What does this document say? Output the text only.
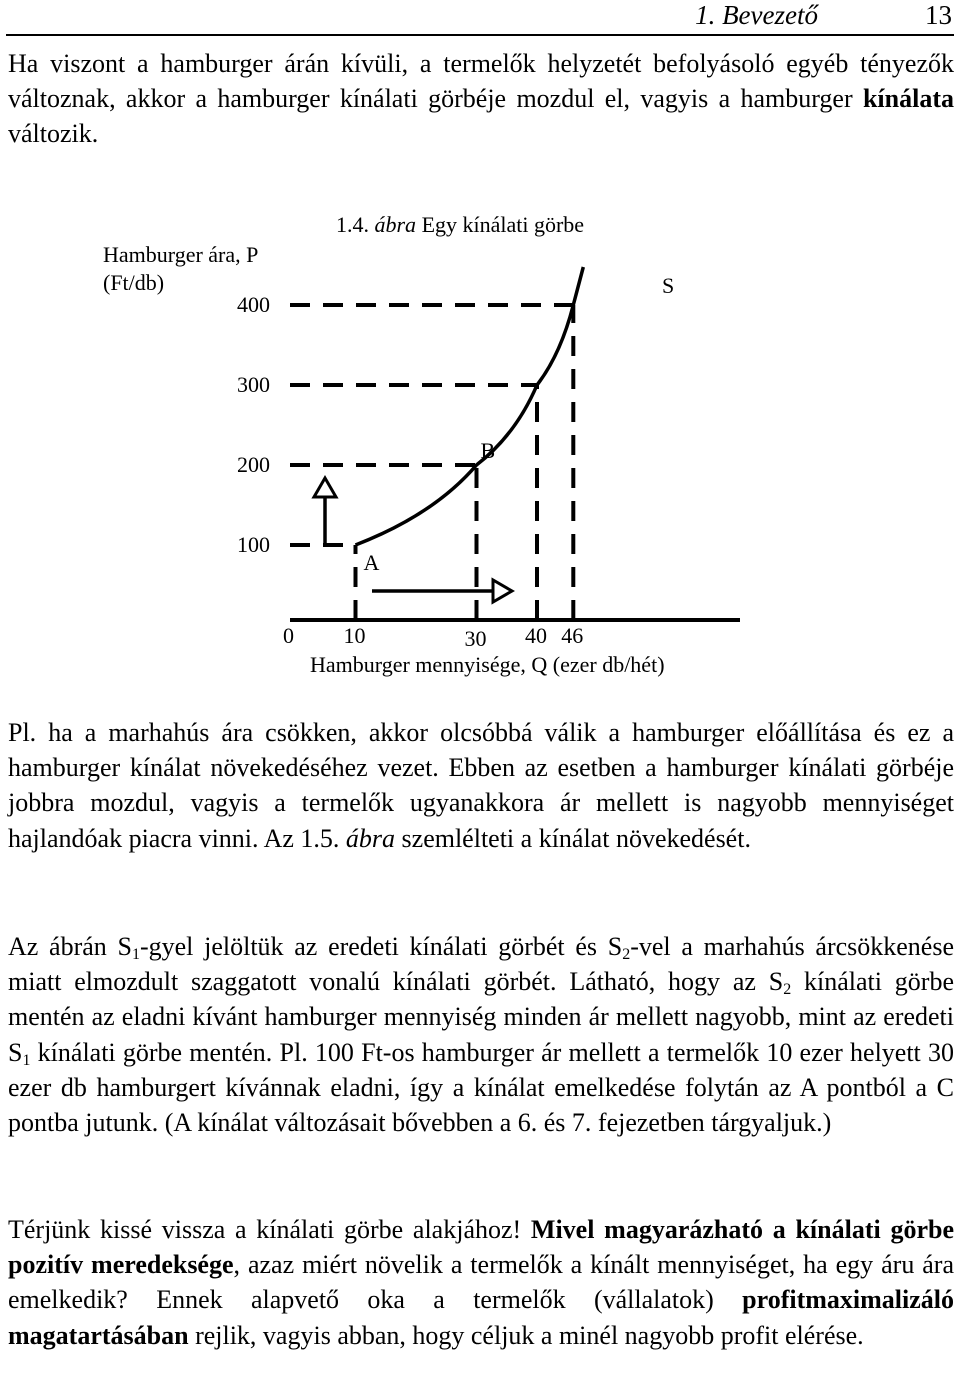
1. Bevezető	13

Ha viszont a hamburger árán kívüli, a termelők helyzetét befolyásoló egyéb tényezők változnak, akkor a hamburger kínálati görbéje mozdul el, vagyis a hamburger kínálata változik.

Hamburger ára, P
(Ft/db)
1.4. ábra Egy kínálati görbe
S
400
300
200
100
0 10	30 40 46
Hamburger mennyisége, Q (ezer db/hét)
A
B

Pl. ha a marhahús ára csökken, akkor olcsóbbá válik a hamburger előállítása és ez a hamburger kínálat növekedéséhez vezet. Ebben az esetben a hamburger kínálati görbéje jobbra mozdul, vagyis a termelők ugyanakkora ár mellett is nagyobb mennyiséget hajlandóak piacra vinni. Az 1.5. ábra szemlélteti a kínálat növekedését.

Az ábrán $S_1$-gyel jelöltük az eredeti kínálati görbét és $S_2$-vel a marhahús árcsökkenése miatt elmozdult szaggatott vonalú kínálati görbét. Látható, hogy az $S_2$ kínálati görbe mentén az eladni kívánt hamburger mennyiség minden ár mellett nagyobb, mint az eredeti $S_1$ kínálati görbe mentén. Pl. 100 Ft-os hamburger ár mellett a termelők 10 ezer helyett 30 ezer db hamburgert kívánnak eladni, így a kínálat emelkedése folytán az A pontból a C pontba jutunk. (A kínálat változásait bővebben a 6. és 7. fejezetben tárgyaljuk.)

Térjünk kissé vissza a kínálati görbe alakjához! Mivel magyarázható a kínálati görbe pozitív meredeksége, azaz miért növelik a termelők a kínált mennyiséget, ha egy áru ára emelkedik? Ennek alapvető oka a termelők (vállalatok) profitmaximalizáló magatartásában rejlik, vagyis abban, hogy céljuk a minél nagyobb profit elérése.
